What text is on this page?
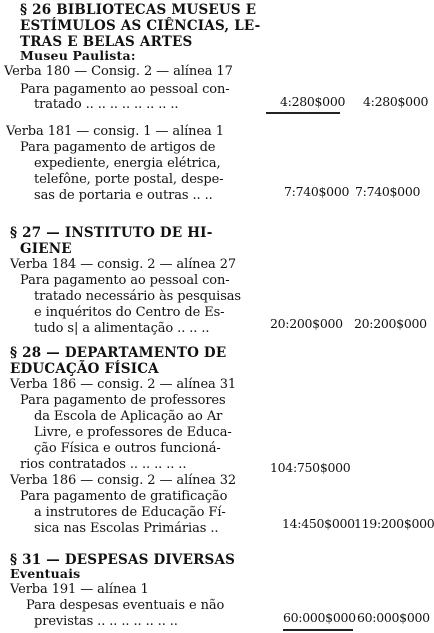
§ 26 BIBLIOTECAS MUSEUS E
ESTÍMULOS AS CIÊNCIAS, LE-
TRAS E BELAS ARTES
Museu Paulista:
Verba 180 — Consig. 2 — alínea 17
Para pagamento ao pessoal con-
tratado .. .. .. .. .. .. .. ..	4:280$000 4:280$000
Verba 181 — consig. 1 — alínea 1
Para pagamento de artigos de
expediente, energia elétrica,
telefône, porte postal, despe-
sas de portaria e outras .. ..	7:740$000 7:740$000
§ 27 — INSTITUTO DE HI-
GIENE
Verba 184 — consig. 2 — alínea 27
Para pagamento ao pessoal con-
tratado necessário às pesquisas
e inquéritos do Centro de Es-
tudo s| a alimentação .. .. ..	20:200$000 20:200$000
§ 28 — DEPARTAMENTO DE
EDUCAÇÃO FÍSICA
Verba 186 — consig. 2 — alínea 31
Para pagamento de professores
da Escola de Aplicação ao Ar
Livre, e professores de Educa-
ção Física e outros funcioná-
rios contratados .. .. .. .. ..	104:750$000
Verba 186 — consig. 2 — alínea 32
Para pagamento de gratificação
a instrutores de Educação Fí-
sica nas Escolas Primárias ..	14:450$000 119:200$000
§ 31 — DESPESAS DIVERSAS
Eventuais
Verba 191 — alínea 1
Para despesas eventuais e não
previstas .. .. .. .. .. .. ..	60:000$000 60:000$000
